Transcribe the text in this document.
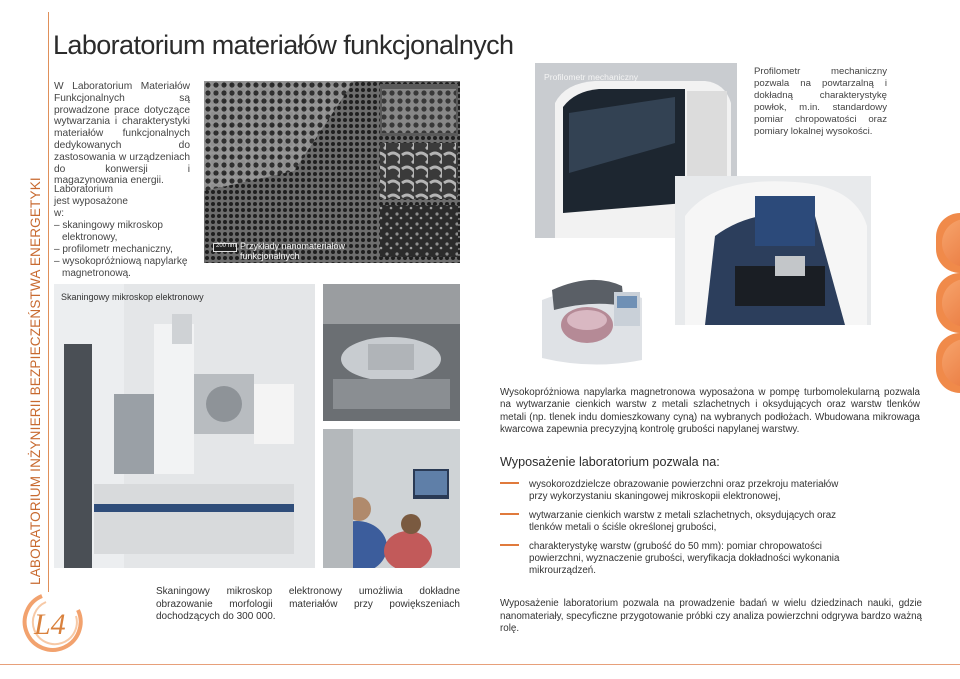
LABORATORIUM INŻYNIERII BEZPIECZEŃSTWA ENERGETYKI
L4
Laboratorium materiałów funkcjonalnych
W Laboratorium Materiałów Funkcjonalnych są prowadzone prace dotyczące wytwarzania i charakterystyki materiałów funkcjonalnych dedykowanych do zastosowania w urządzeniach do konwersji i magazynowania energii.
Laboratorium jest wyposażone w:
– skaningowy mikroskop elektronowy,
– profilometr mechaniczny,
– wysokopróżniową napylarkę magnetronową.
200 nm Przykłady nanomateriałów funkcjonalnych
Skaningowy mikroskop elektronowy
Skaningowy mikroskop elektronowy umożliwia dokładne obrazowanie morfologii materiałów przy powiększeniach dochodzących do 300 000.
Profilometr mechaniczny	Profilometr mechaniczny pozwala na powtarzalną i dokładną charakterystykę powłok, m.in. standardowy pomiar chropowatości oraz pomiary lokalnej wysokości.
Wysokopróżniowa napylarka magnetronowa wyposażona w pompę turbomolekularną pozwala na wytwarzanie cienkich warstw z metali szlachetnych i oksydujących oraz warstw tlenków metali (np. tlenek indu domieszkowany cyną) na wybranych podłożach. Wbudowana mikrowaga kwarcowa zapewnia precyzyjną kontrolę grubości napylanej warstwy.
Wyposażenie laboratorium pozwala na:
wysokorozdzielcze obrazowanie powierzchni oraz przekroju materiałów przy wykorzystaniu skaningowej mikroskopii elektronowej,
wytwarzanie cienkich warstw z metali szlachetnych, oksydujących oraz tlenków metali o ściśle określonej grubości,
charakterystykę warstw (grubość do 50 mm): pomiar chropowatości powierzchni, wyznaczenie grubości, weryfikacja dokładności wykonania mikrourządzeń.
Wyposażenie laboratorium pozwala na prowadzenie badań w wielu dziedzinach nauki, gdzie nanomateriały, specyficzne przygotowanie próbki czy analiza powierzchni odgrywa bardzo ważną rolę.
